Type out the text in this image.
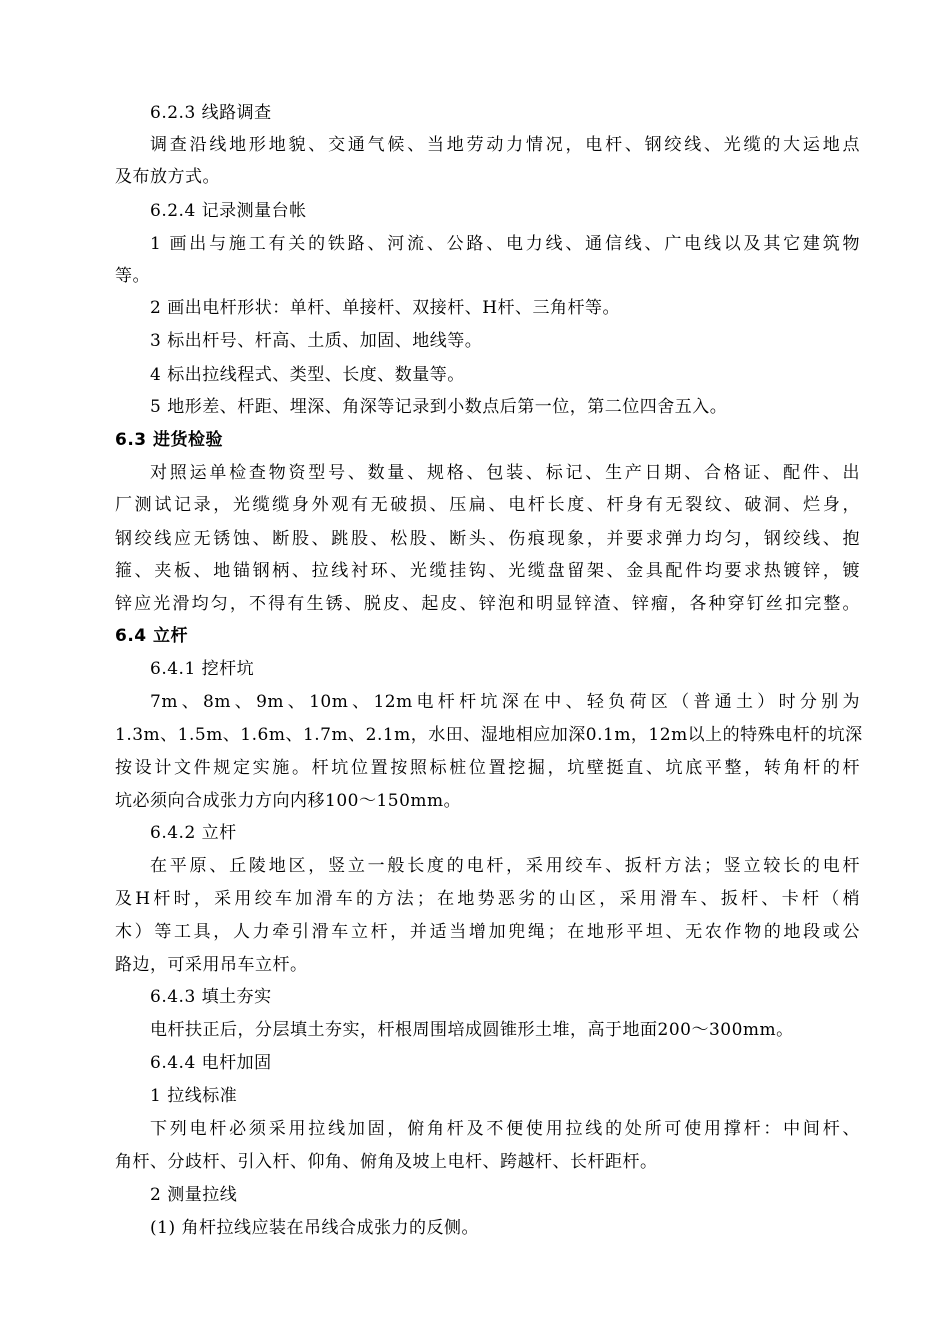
6.2.3 线路调查
调查沿线地形地貌、交通气候、当地劳动力情况，电杆、钢绞线、光缆的大运地点
及布放方式。
6.2.4 记录测量台帐
1 画出与施工有关的铁路、河流、公路、电力线、通信线、广电线以及其它建筑物
等。
2 画出电杆形状：单杆、单接杆、双接杆、H杆、三角杆等。
3 标出杆号、杆高、土质、加固、地线等。
4 标出拉线程式、类型、长度、数量等。
5 地形差、杆距、埋深、角深等记录到小数点后第一位，第二位四舍五入。
6.3 进货检验
对照运单检查物资型号、数量、规格、包装、标记、生产日期、合格证、配件、出
厂测试记录，光缆缆身外观有无破损、压扁、电杆长度、杆身有无裂纹、破洞、烂身，
钢绞线应无锈蚀、断股、跳股、松股、断头、伤痕现象，并要求弹力均匀，钢绞线、抱
箍、夹板、地锚钢柄、拉线衬环、光缆挂钩、光缆盘留架、金具配件均要求热镀锌，镀
锌应光滑均匀，不得有生锈、脱皮、起皮、锌泡和明显锌渣、锌瘤，各种穿钉丝扣完整。
6.4 立杆
6.4.1 挖杆坑
7m、8m、9m、10m、12m电杆杆坑深在中、轻负荷区（普通土）时分别为
1.3m、1.5m、1.6m、1.7m、2.1m，水田、湿地相应加深0.1m，12m以上的特殊电杆的坑深
按设计文件规定实施。杆坑位置按照标桩位置挖掘，坑壁挺直、坑底平整，转角杆的杆
坑必须向合成张力方向内移100～150mm。
6.4.2 立杆
在平原、丘陵地区，竖立一般长度的电杆，采用绞车、扳杆方法；竖立较长的电杆
及H杆时，采用绞车加滑车的方法；在地势恶劣的山区，采用滑车、扳杆、卡杆（梢
木）等工具，人力牵引滑车立杆，并适当增加兜绳；在地形平坦、无农作物的地段或公
路边，可采用吊车立杆。
6.4.3 填土夯实
电杆扶正后，分层填土夯实，杆根周围培成圆锥形土堆，高于地面200～300mm。
6.4.4 电杆加固
1 拉线标准
下列电杆必须采用拉线加固，俯角杆及不便使用拉线的处所可使用撑杆：中间杆、
角杆、分歧杆、引入杆、仰角、俯角及坡上电杆、跨越杆、长杆距杆。
2 测量拉线
(1) 角杆拉线应装在吊线合成张力的反侧。
